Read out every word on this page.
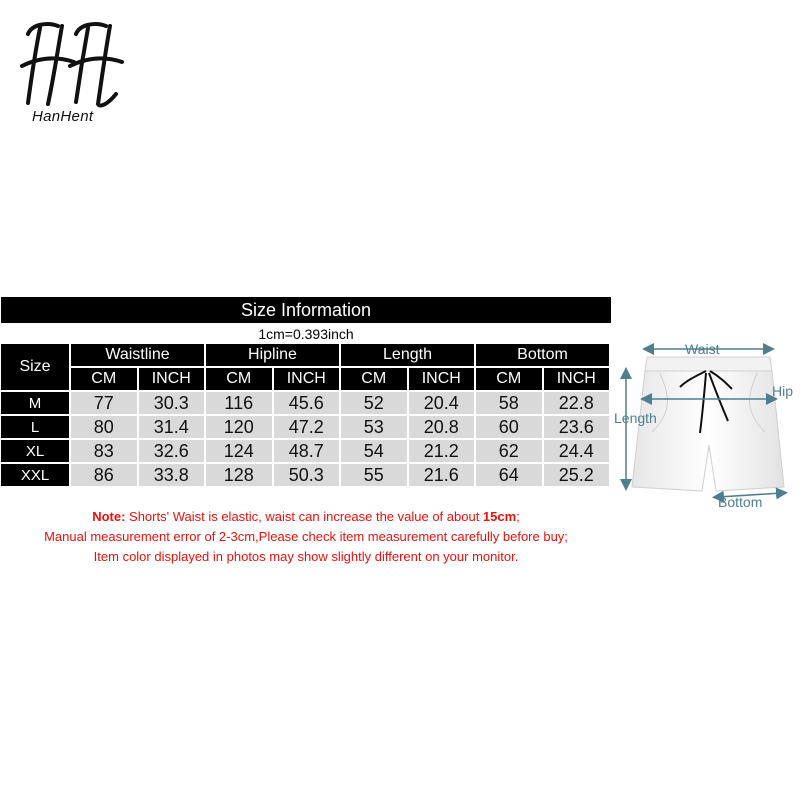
HanHent
Size Information
1cm=0.393inch
Size
Waistline
CM	INCH
Hipline
CM	INCH
Length
CM	INCH
Bottom
CM	INCH
M	77	30.3	116	45.6	52	20.4	58	22.8
L	80	31.4	120	47.2	53	20.8	60	23.6
XL	83	32.6	124	48.7	54	21.2	62	24.4
XXL	86	33.8	128	50.3	55	21.6	64	25.2
Note: Shorts' Waist is elastic, waist can increase the value of about 15cm;
Manual measurement error of 2-3cm,Please check item measurement carefully before buy;
Item color displayed in photos may show slightly different on your monitor.
Waist
Hip
Length
Bottom
